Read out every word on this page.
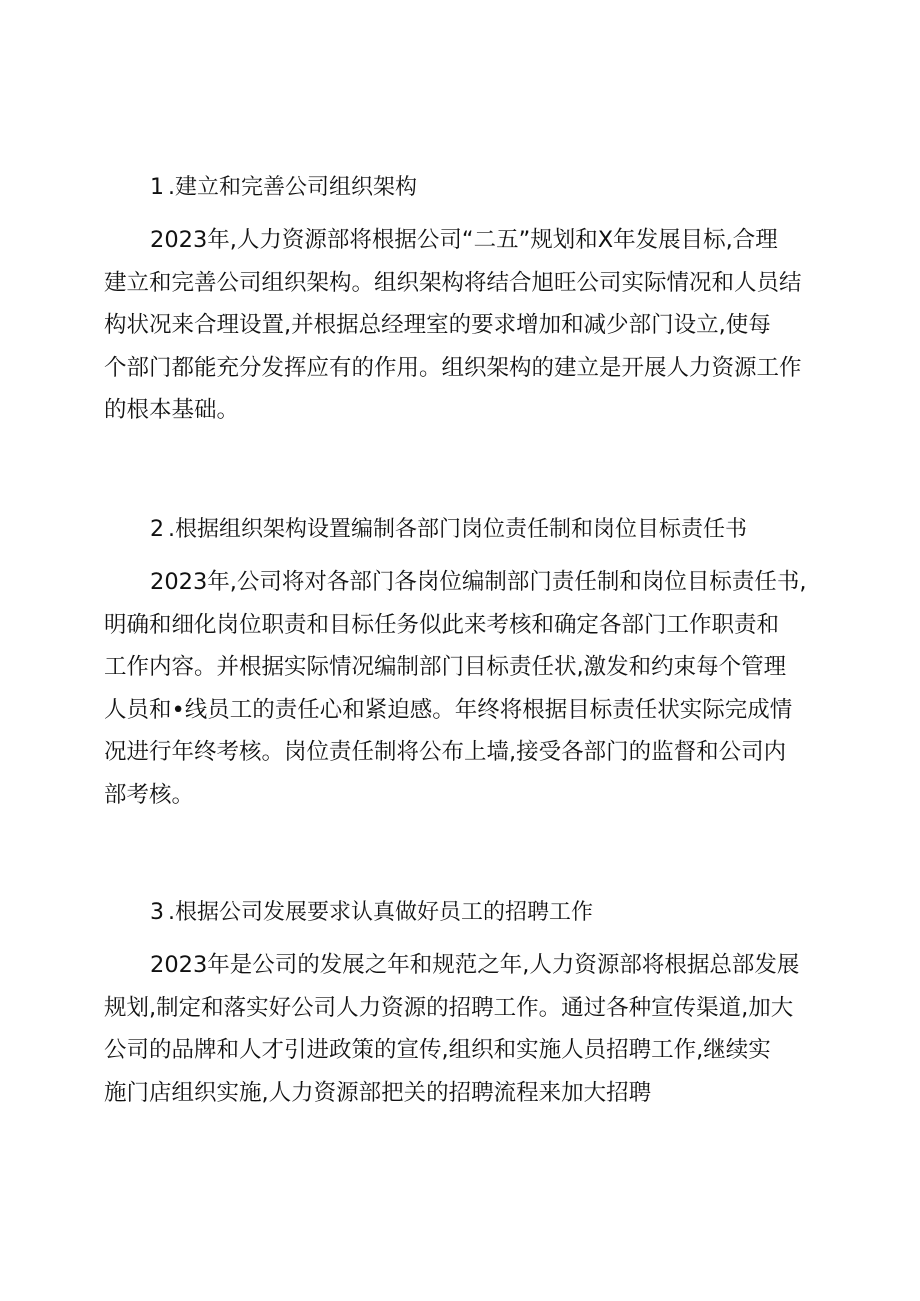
1.建立和完善公司组织架构

2023年,人力资源部将根据公司“二五”规划和X年发展目标,合理
建立和完善公司组织架构。组织架构将结合旭旺公司实际情况和人员结
构状况来合理设置,并根据总经理室的要求增加和减少部门设立,使每
个部门都能充分发挥应有的作用。组织架构的建立是开展人力资源工作
的根本基础。

2.根据组织架构设置编制各部门岗位责任制和岗位目标责任书

2023年,公司将对各部门各岗位编制部门责任制和岗位目标责任书,
明确和细化岗位职责和目标任务似此来考核和确定各部门工作职责和
工作内容。并根据实际情况编制部门目标责任状,激发和约束每个管理
人员和•线员工的责任心和紧迫感。年终将根据目标责任状实际完成情
况进行年终考核。岗位责任制将公布上墙,接受各部门的监督和公司内
部考核。

3.根据公司发展要求认真做好员工的招聘工作

2023年是公司的发展之年和规范之年,人力资源部将根据总部发展
规划,制定和落实好公司人力资源的招聘工作。通过各种宣传渠道,加大
公司的品牌和人才引进政策的宣传,组织和实施人员招聘工作,继续实
施门店组织实施,人力资源部把关的招聘流程来加大招聘
